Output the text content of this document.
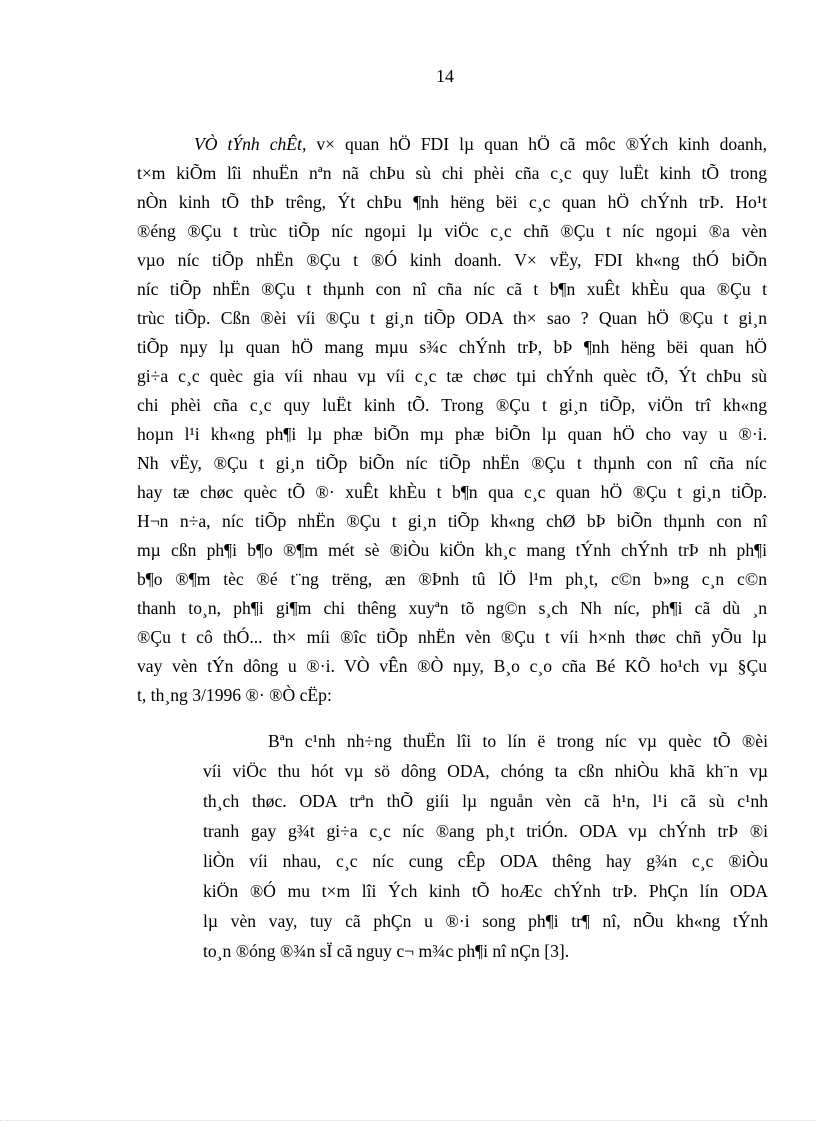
14
VÒ tÝnh chÊt, v× quan hÖ FDI lµ quan hÖ cã môc ®Ých kinh doanh,
t×m kiÕm lîi nhuËn nªn nã chÞu sù chi phèi cña c¸c quy luËt kinh tÕ trong
nÒn kinh tÕ thÞ trêng, Ýt chÞu ¶nh hëng bëi c¸c quan hÖ chÝnh trÞ. Ho¹t
®éng ®Çu t trùc tiÕp níc ngoµi lµ viÖc c¸c chñ ®Çu t níc ngoµi ®a vèn
vµo níc tiÕp nhËn ®Çu t ®Ó kinh doanh. V× vËy, FDI kh«ng thÓ biÕn
níc tiÕp nhËn ®Çu t thµnh con nî cña níc cã t b¶n xuÊt khÈu qua ®Çu t
trùc tiÕp. Cßn ®èi víi ®Çu t gi¸n tiÕp ODA th× sao ? Quan hÖ ®Çu t gi¸n
tiÕp nµy lµ quan hÖ mang mµu s¾c chÝnh trÞ, bÞ ¶nh hëng bëi quan hÖ
gi÷a c¸c quèc gia víi nhau vµ víi c¸c tæ chøc tµi chÝnh quèc tÕ, Ýt chÞu sù
chi phèi cña c¸c quy luËt kinh tÕ. Trong ®Çu t gi¸n tiÕp, viÖn trî kh«ng
hoµn l¹i kh«ng ph¶i lµ phæ biÕn mµ phæ biÕn lµ quan hÖ cho vay u ®·i.
Nh vËy, ®Çu t gi¸n tiÕp biÕn níc tiÕp nhËn ®Çu t thµnh con nî cña níc
hay tæ chøc quèc tÕ ®· xuÊt khÈu t b¶n qua c¸c quan hÖ ®Çu t gi¸n tiÕp.
H¬n n÷a, níc tiÕp nhËn ®Çu t gi¸n tiÕp kh«ng chØ bÞ biÕn thµnh con nî
mµ cßn ph¶i b¶o ®¶m mét sè ®iÒu kiÖn kh¸c mang tÝnh chÝnh trÞ nh ph¶i
b¶o ®¶m tèc ®é t¨ng trëng, æn ®Þnh tû lÖ l¹m ph¸t, c©n b»ng c¸n c©n
thanh to¸n, ph¶i gi¶m chi thêng xuyªn tõ ng©n s¸ch Nh níc, ph¶i cã dù ¸n
®Çu t cô thÓ... th× míi ®îc tiÕp nhËn vèn ®Çu t víi h×nh thøc chñ yÕu lµ
vay vèn tÝn dông u ®·i. VÒ vÊn ®Ò nµy, B¸o c¸o cña Bé KÕ ho¹ch vµ §Çu
t, th¸ng 3/1996 ®· ®Ò cËp:
Bªn c¹nh nh÷ng thuËn lîi to lín ë trong níc vµ quèc tÕ ®èi
víi viÖc thu hót vµ sö dông ODA, chóng ta cßn nhiÒu khã kh¨n vµ
th¸ch thøc. ODA trªn thÕ giíi lµ nguån vèn cã h¹n, l¹i cã sù c¹nh
tranh gay g¾t gi÷a c¸c níc ®ang ph¸t triÓn. ODA vµ chÝnh trÞ ®i
liÒn víi nhau, c¸c níc cung cÊp ODA thêng hay g¾n c¸c ®iÒu
kiÖn ®Ó mu t×m lîi Ých kinh tÕ hoÆc chÝnh trÞ. PhÇn lín ODA
lµ vèn vay, tuy cã phÇn u ®·i song ph¶i tr¶ nî, nÕu kh«ng tÝnh
to¸n ®óng ®¾n sÏ cã nguy c¬ m¾c ph¶i nî nÇn [3].
